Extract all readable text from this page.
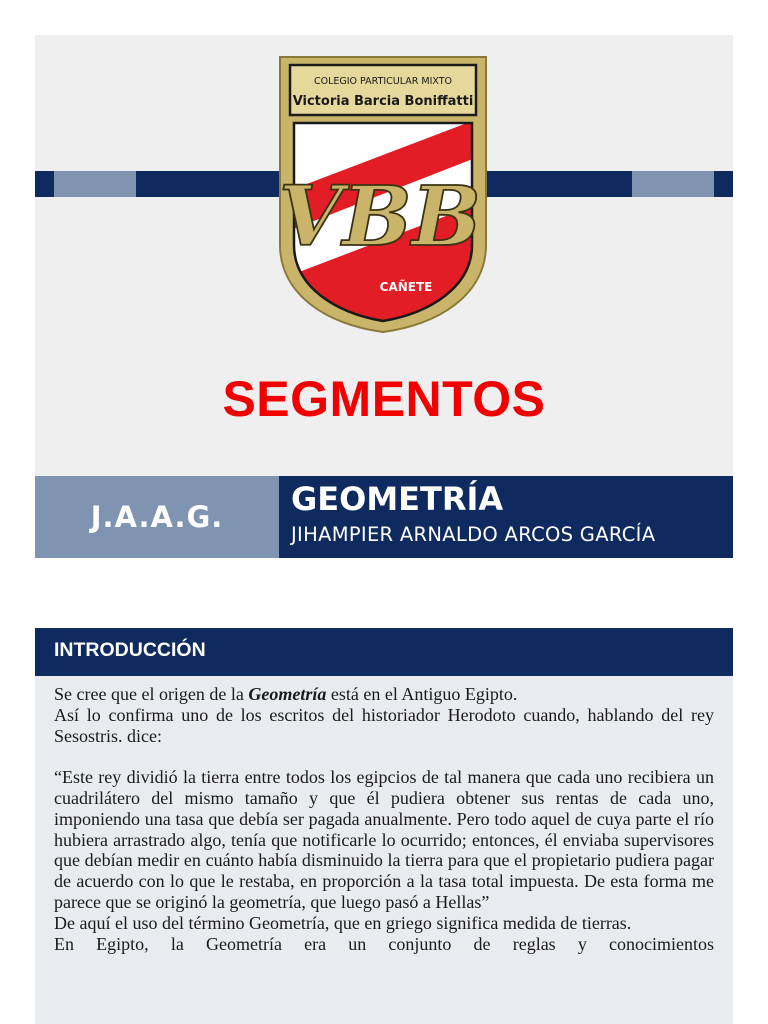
COLEGIO PARTICULAR MIXTO
Victoria Barcia Boniffatti
VBB
CAÑETE
SEGMENTOS
J.A.A.G. GEOMETRÍA
JIHAMPIER ARNALDO ARCOS GARCÍA
INTRODUCCIÓN

Se cree que el origen de la Geometría está en el Antiguo Egipto.

Así lo confirma uno de los escritos del historiador Herodoto cuando, hablando del rey Sesostris. dice:

“Este rey dividió la tierra entre todos los egipcios de tal manera que cada uno recibiera un cuadrilátero del mismo tamaño y que él pudiera obtener sus rentas de cada uno, imponiendo una tasa que debía ser pagada anualmente. Pero todo aquel de cuya parte el río hubiera arrastrado algo, tenía que notificarle lo ocurrido; entonces, él enviaba supervisores que debían medir en cuánto había disminuido la tierra para que el propietario pudiera pagar de acuerdo con lo que le restaba, en proporción a la tasa total impuesta. De esta forma me parece que se originó la geometría, que luego pasó a Hellas”

De aquí el uso del término Geometría, que en griego significa medida de tierras.

En Egipto, la Geometría era un conjunto de reglas y conocimientos
